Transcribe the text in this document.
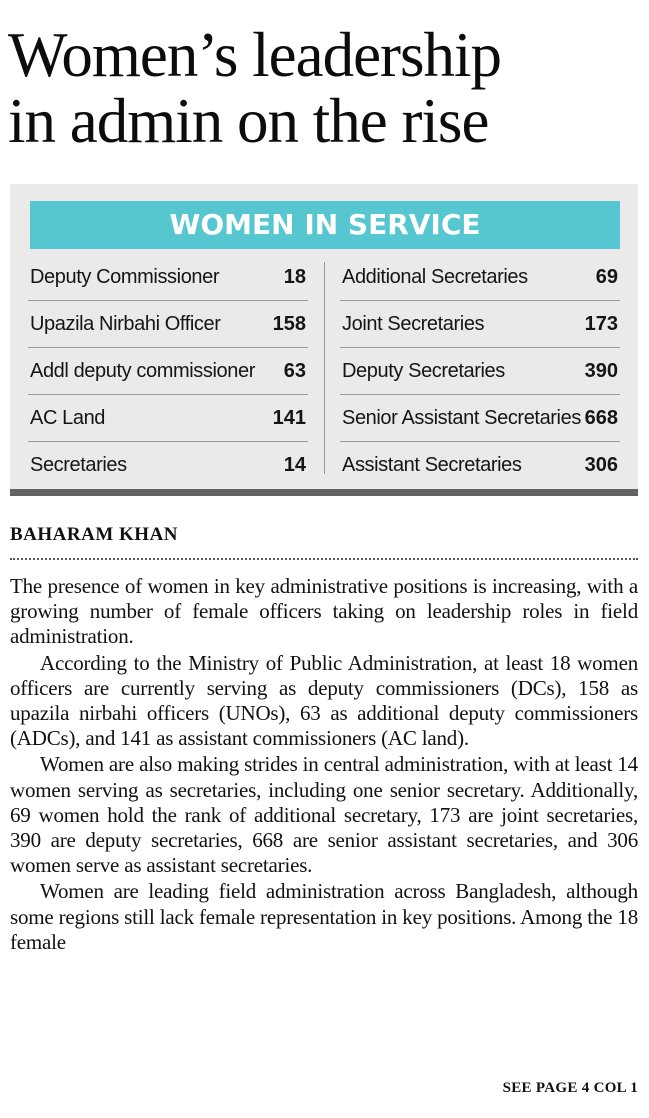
Women’s leadership
in admin on the rise
WOMEN IN SERVICE
Deputy Commissioner	18
Upazila Nirbahi Officer	158
Addl deputy commissioner 63
AC Land	141
Secretaries	14
Additional Secretaries	69
Joint Secretaries	173
Deputy Secretaries	390
Senior Assistant Secretaries 668
Assistant Secretaries	306
BAHARAM KHAN

The presence of women in key administrative positions is increasing, with a growing number of female officers taking on leadership roles in field administration.

According to the Ministry of Public Administration, at least 18 women officers are currently serving as deputy commissioners (DCs), 158 as upazila nirbahi officers (UNOs), 63 as additional deputy commissioners (ADCs), and 141 as assistant commissioners (AC land).

Women are also making strides in central administration, with at least 14 women serving as secretaries, including one senior secretary. Additionally, 69 women hold the rank of additional secretary, 173 are joint secretaries, 390 are deputy secretaries, 668 are senior assistant secretaries, and 306 women serve as assistant secretaries.

Women are leading field administration across Bangladesh, although some regions still lack female representation in key positions. Among the 18 female

SEE PAGE 4 COL 1
